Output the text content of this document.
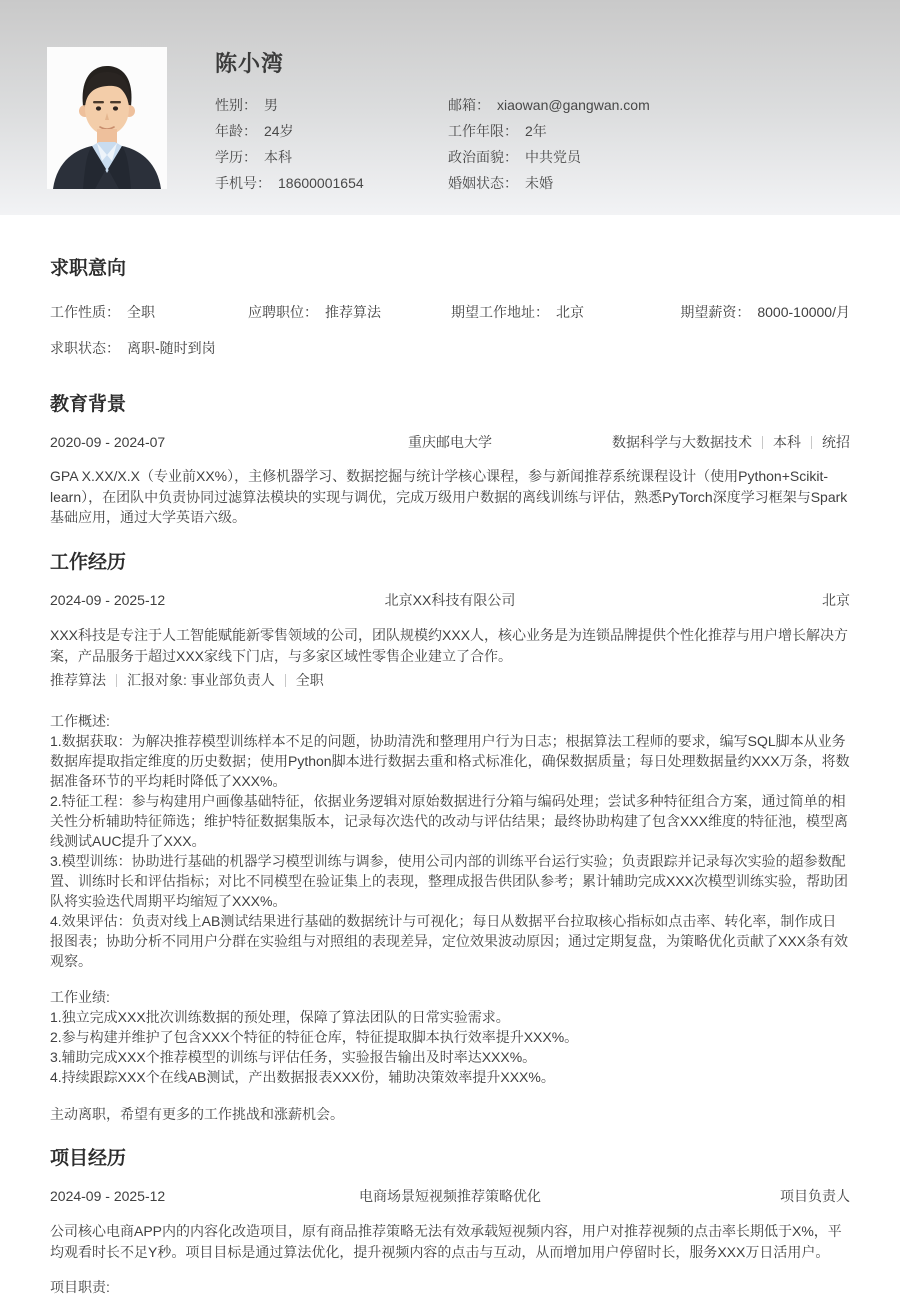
陈小湾
性别： 男	邮箱： xiaowan@gangwan.com
年龄： 24岁	工作年限： 2年
学历： 本科	政治面貌： 中共党员
手机号： 18600001654	婚姻状态： 未婚
求职意向
工作性质： 全职	应聘职位： 推荐算法	期望工作地址： 北京	期望薪资： 8000-10000/月
求职状态： 离职-随时到岗
教育背景
2020-09 - 2024-07	重庆邮电大学	数据科学与大数据技术 本科 统招

GPA X.XX/X.X（专业前XX%），主修机器学习、数据挖掘与统计学核心课程，参与新闻推荐系统课程设计（使用Python+Scikit-learn），在团队中负责协同过滤算法模块的实现与调优，完成万级用户数据的离线训练与评估，熟悉PyTorch深度学习框架与Spark基础应用，通过大学英语六级。

工作经历
2024-09 - 2025-12	北京XX科技有限公司	北京

XXX科技是专注于人工智能赋能新零售领域的公司，团队规模约XXX人，核心业务是为连锁品牌提供个性化推荐与用户增长解决方案，产品服务于超过XXX家线下门店，与多家区域性零售企业建立了合作。

推荐算法 汇报对象: 事业部负责人 全职
工作概述:
1.数据获取：为解决推荐模型训练样本不足的问题，协助清洗和整理用户行为日志；根据算法工程师的要求，编写SQL脚本从业务数据库提取指定维度的历史数据；使用Python脚本进行数据去重和格式标准化，确保数据质量；每日处理数据量约XXX万条，将数据准备环节的平均耗时降低了XXX%。
2.特征工程：参与构建用户画像基础特征，依据业务逻辑对原始数据进行分箱与编码处理；尝试多种特征组合方案，通过简单的相关性分析辅助特征筛选；维护特征数据集版本，记录每次迭代的改动与评估结果；最终协助构建了包含XXX维度的特征池，模型离线测试AUC提升了XXX。
3.模型训练：协助进行基础的机器学习模型训练与调参，使用公司内部的训练平台运行实验；负责跟踪并记录每次实验的超参数配置、训练时长和评估指标；对比不同模型在验证集上的表现，整理成报告供团队参考；累计辅助完成XXX次模型训练实验，帮助团队将实验迭代周期平均缩短了XXX%。
4.效果评估：负责对线上AB测试结果进行基础的数据统计与可视化；每日从数据平台拉取核心指标如点击率、转化率，制作成日报图表；协助分析不同用户分群在实验组与对照组的表现差异，定位效果波动原因；通过定期复盘，为策略优化贡献了XXX条有效观察。
工作业绩:
1.独立完成XXX批次训练数据的预处理，保障了算法团队的日常实验需求。
2.参与构建并维护了包含XXX个特征的特征仓库，特征提取脚本执行效率提升XXX%。
3.辅助完成XXX个推荐模型的训练与评估任务，实验报告输出及时率达XXX%。
4.持续跟踪XXX个在线AB测试，产出数据报表XXX份，辅助决策效率提升XXX%。
主动离职，希望有更多的工作挑战和涨薪机会。
项目经历
2024-09 - 2025-12	电商场景短视频推荐策略优化	项目负责人

公司核心电商APP内的内容化改造项目，原有商品推荐策略无法有效承载短视频内容，用户对推荐视频的点击率长期低于X%，平均观看时长不足Y秒。项目目标是通过算法优化，提升视频内容的点击与互动，从而增加用户停留时长，服务XXX万日活用户。

项目职责:
